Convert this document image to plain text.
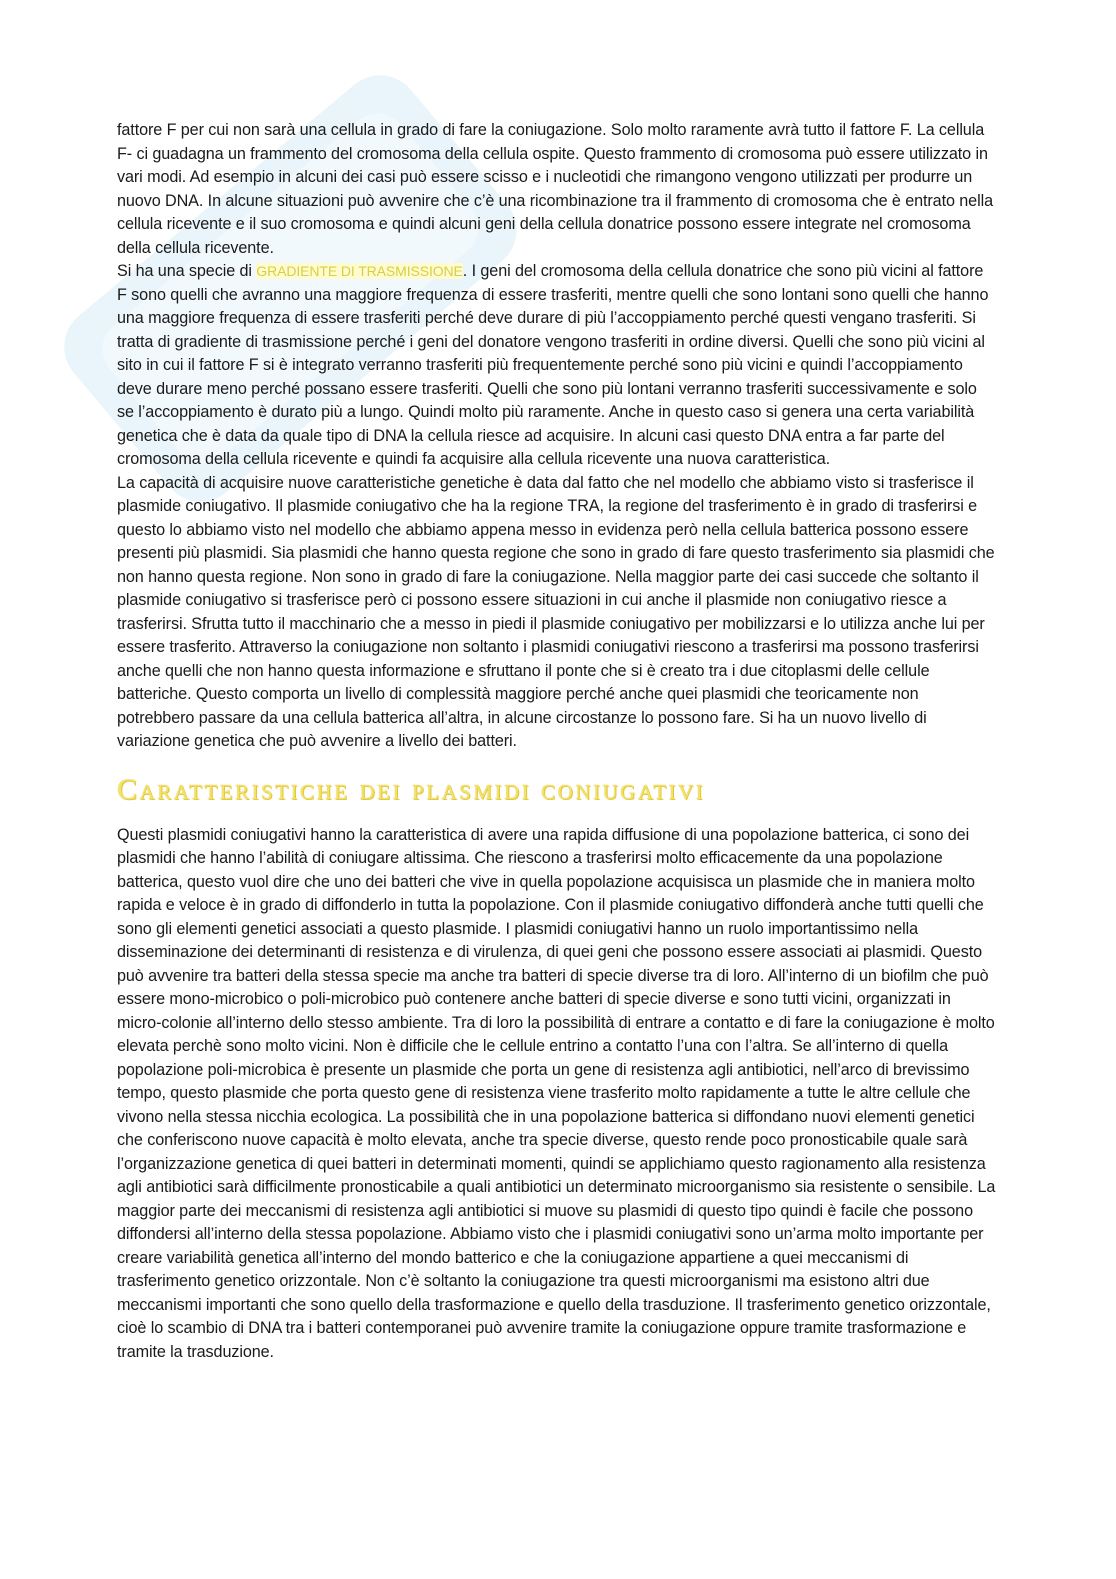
fattore F per cui non sarà una cellula in grado di fare la coniugazione. Solo molto raramente avrà tutto il fattore F. La cellula F- ci guadagna un frammento del cromosoma della cellula ospite. Questo frammento di cromosoma può essere utilizzato in vari modi. Ad esempio in alcuni dei casi può essere scisso e i nucleotidi che rimangono vengono utilizzati per produrre un nuovo DNA. In alcune situazioni può avvenire che c’è una ricombinazione tra il frammento di cromosoma che è entrato nella cellula ricevente e il suo cromosoma e quindi alcuni geni della cellula donatrice possono essere integrate nel cromosoma della cellula ricevente.

Si ha una specie di GRADIENTE DI TRASMISSIONE. I geni del cromosoma della cellula donatrice che sono più vicini al fattore F sono quelli che avranno una maggiore frequenza di essere trasferiti, mentre quelli che sono lontani sono quelli che hanno una maggiore frequenza di essere trasferiti perché deve durare di più l’accoppiamento perché questi vengano trasferiti. Si tratta di gradiente di trasmissione perché i geni del donatore vengono trasferiti in ordine diversi. Quelli che sono più vicini al sito in cui il fattore F si è integrato verranno trasferiti più frequentemente perché sono più vicini e quindi l’accoppiamento deve durare meno perché possano essere trasferiti. Quelli che sono più lontani verranno trasferiti successivamente e solo se l’accoppiamento è durato più a lungo. Quindi molto più raramente. Anche in questo caso si genera una certa variabilità genetica che è data da quale tipo di DNA la cellula riesce ad acquisire. In alcuni casi questo DNA entra a far parte del cromosoma della cellula ricevente e quindi fa acquisire alla cellula ricevente una nuova caratteristica.

La capacità di acquisire nuove caratteristiche genetiche è data dal fatto che nel modello che abbiamo visto si trasferisce il plasmide coniugativo. Il plasmide coniugativo che ha la regione TRA, la regione del trasferimento è in grado di trasferirsi e questo lo abbiamo visto nel modello che abbiamo appena messo in evidenza però nella cellula batterica possono essere presenti più plasmidi. Sia plasmidi che hanno questa regione che sono in grado di fare questo trasferimento sia plasmidi che non hanno questa regione. Non sono in grado di fare la coniugazione. Nella maggior parte dei casi succede che soltanto il plasmide coniugativo si trasferisce però ci possono essere situazioni in cui anche il plasmide non coniugativo riesce a trasferirsi. Sfrutta tutto il macchinario che a messo in piedi il plasmide coniugativo per mobilizzarsi e lo utilizza anche lui per essere trasferito. Attraverso la coniugazione non soltanto i plasmidi coniugativi riescono a trasferirsi ma possono trasferirsi anche quelli che non hanno questa informazione e sfruttano il ponte che si è creato tra i due citoplasmi delle cellule batteriche. Questo comporta un livello di complessità maggiore perché anche quei plasmidi che teoricamente non potrebbero passare da una cellula batterica all’altra, in alcune circostanze lo possono fare. Si ha un nuovo livello di variazione genetica che può avvenire a livello dei batteri.

Caratteristiche dei plasmidi coniugativi

Questi plasmidi coniugativi hanno la caratteristica di avere una rapida diffusione di una popolazione batterica, ci sono dei plasmidi che hanno l’abilità di coniugare altissima. Che riescono a trasferirsi molto efficacemente da una popolazione batterica, questo vuol dire che uno dei batteri che vive in quella popolazione acquisisca un plasmide che in maniera molto rapida e veloce è in grado di diffonderlo in tutta la popolazione. Con il plasmide coniugativo diffonderà anche tutti quelli che sono gli elementi genetici associati a questo plasmide. I plasmidi coniugativi hanno un ruolo importantissimo nella disseminazione dei determinanti di resistenza e di virulenza, di quei geni che possono essere associati ai plasmidi. Questo può avvenire tra batteri della stessa specie ma anche tra batteri di specie diverse tra di loro. All’interno di un biofilm che può essere mono-microbico o poli-microbico può contenere anche batteri di specie diverse e sono tutti vicini, organizzati in micro-colonie all’interno dello stesso ambiente. Tra di loro la possibilità di entrare a contatto e di fare la coniugazione è molto elevata perchè sono molto vicini. Non è difficile che le cellule entrino a contatto l’una con l’altra. Se all’interno di quella popolazione poli-microbica è presente un plasmide che porta un gene di resistenza agli antibiotici, nell’arco di brevissimo tempo, questo plasmide che porta questo gene di resistenza viene trasferito molto rapidamente a tutte le altre cellule che vivono nella stessa nicchia ecologica. La possibilità che in una popolazione batterica si diffondano nuovi elementi genetici che conferiscono nuove capacità è molto elevata, anche tra specie diverse, questo rende poco pronosticabile quale sarà l’organizzazione genetica di quei batteri in determinati momenti, quindi se applichiamo questo ragionamento alla resistenza agli antibiotici sarà difficilmente pronosticabile a quali antibiotici un determinato microorganismo sia resistente o sensibile. La maggior parte dei meccanismi di resistenza agli antibiotici si muove su plasmidi di questo tipo quindi è facile che possono diffondersi all’interno della stessa popolazione. Abbiamo visto che i plasmidi coniugativi sono un’arma molto importante per creare variabilità genetica all’interno del mondo batterico e che la coniugazione appartiene a quei meccanismi di trasferimento genetico orizzontale. Non c’è soltanto la coniugazione tra questi microorganismi ma esistono altri due meccanismi importanti che sono quello della trasformazione e quello della trasduzione. Il trasferimento genetico orizzontale, cioè lo scambio di DNA tra i batteri contemporanei può avvenire tramite la coniugazione oppure tramite trasformazione e tramite la trasduzione.
